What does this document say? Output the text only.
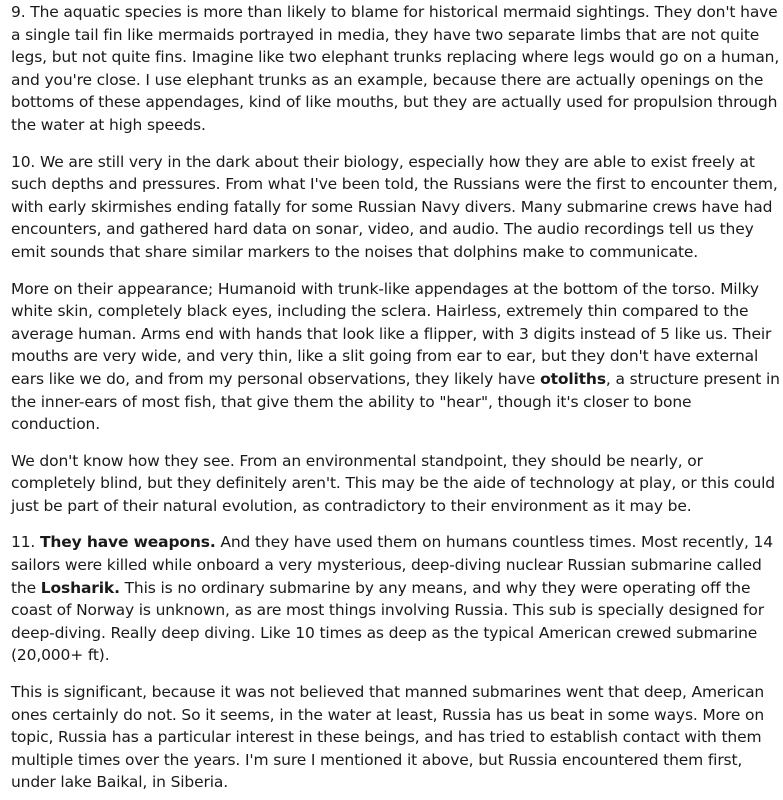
9. The aquatic species is more than likely to blame for historical mermaid sightings. They don't have a single tail fin like mermaids portrayed in media, they have two separate limbs that are not quite legs, but not quite fins. Imagine like two elephant trunks replacing where legs would go on a human, and you're close. I use elephant trunks as an example, because there are actually openings on the bottoms of these appendages, kind of like mouths, but they are actually used for propulsion through the water at high speeds.

10. We are still very in the dark about their biology, especially how they are able to exist freely at such depths and pressures. From what I've been told, the Russians were the first to encounter them, with early skirmishes ending fatally for some Russian Navy divers. Many submarine crews have had encounters, and gathered hard data on sonar, video, and audio. The audio recordings tell us they emit sounds that share similar markers to the noises that dolphins make to communicate.

More on their appearance; Humanoid with trunk-like appendages at the bottom of the torso. Milky white skin, completely black eyes, including the sclera. Hairless, extremely thin compared to the average human. Arms end with hands that look like a flipper, with 3 digits instead of 5 like us. Their mouths are very wide, and very thin, like a slit going from ear to ear, but they don't have external ears like we do, and from my personal observations, they likely have otoliths, a structure present in the inner-ears of most fish, that give them the ability to "hear", though it's closer to bone conduction.

We don't know how they see. From an environmental standpoint, they should be nearly, or completely blind, but they definitely aren't. This may be the aide of technology at play, or this could just be part of their natural evolution, as contradictory to their environment as it may be.

11. They have weapons. And they have used them on humans countless times. Most recently, 14 sailors were killed while onboard a very mysterious, deep-diving nuclear Russian submarine called the Losharik. This is no ordinary submarine by any means, and why they were operating off the coast of Norway is unknown, as are most things involving Russia. This sub is specially designed for deep-diving. Really deep diving. Like 10 times as deep as the typical American crewed submarine (20,000+ ft).

This is significant, because it was not believed that manned submarines went that deep, American ones certainly do not. So it seems, in the water at least, Russia has us beat in some ways. More on topic, Russia has a particular interest in these beings, and has tried to establish contact with them multiple times over the years. I'm sure I mentioned it above, but Russia encountered them first, under lake Baikal, in Siberia.
